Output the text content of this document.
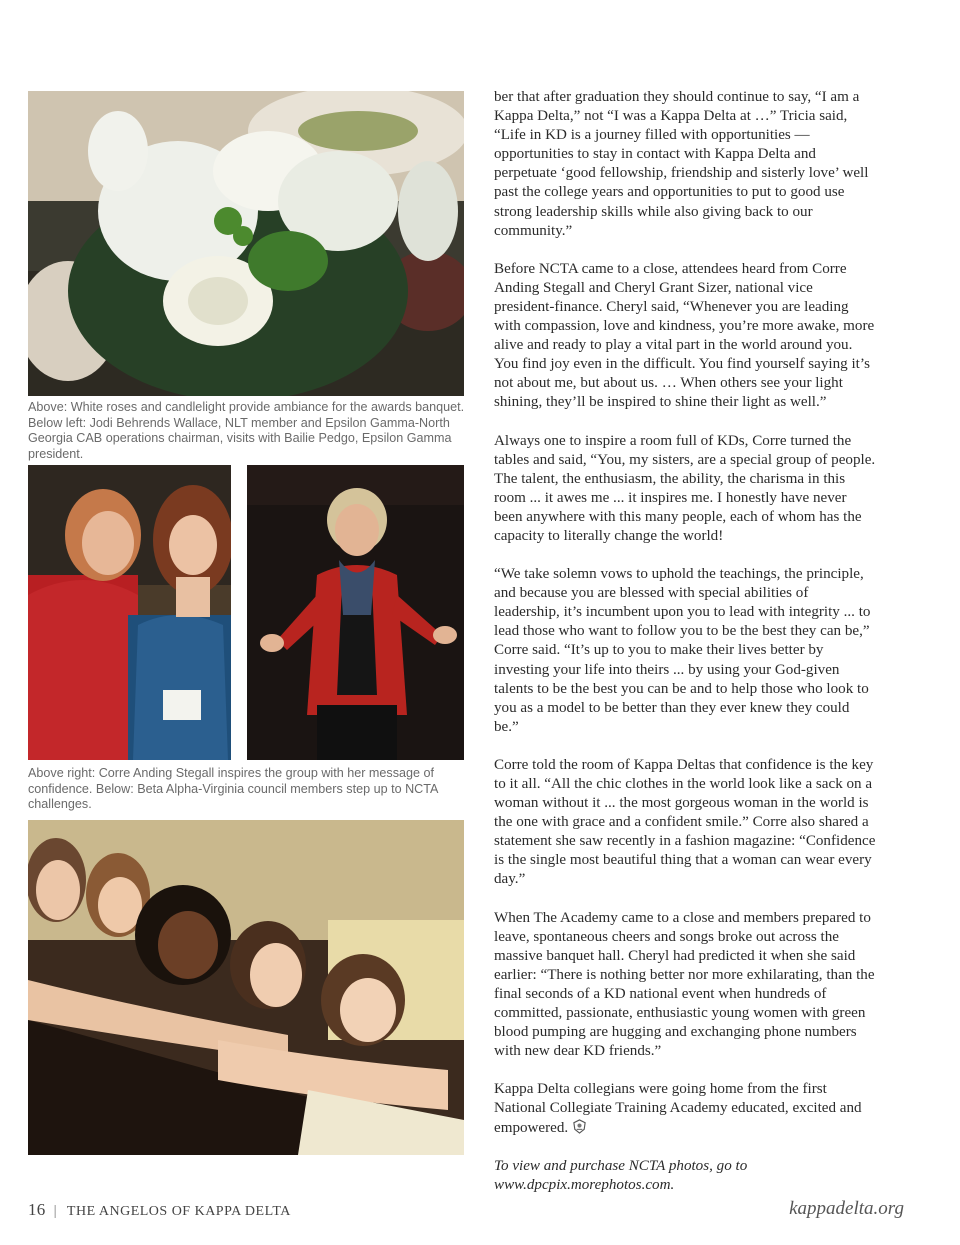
Above: White roses and candlelight provide ambiance for the awards banquet. Below left: Jodi Behrends Wallace, NLT member and Epsilon Gamma-North Georgia CAB operations chairman, visits with Bailie Pedgo, Epsilon Gamma president.

Above right: Corre Anding Stegall inspires the group with her message of confidence. Below: Beta Alpha-Virginia council members step up to NCTA challenges.

ber that after graduation they should continue to say, “I am a Kappa Delta,” not “I was a Kappa Delta at …” Tricia said, “Life in KD is a journey filled with opportunities — opportunities to stay in contact with Kappa Delta and perpetuate ‘good fellowship, friendship and sisterly love’ well past the college years and opportunities to put to good use strong leadership skills while also giving back to our community.”

Before NCTA came to a close, attendees heard from Corre Anding Stegall and Cheryl Grant Sizer, national vice president-finance. Cheryl said, “Whenever you are leading with compassion, love and kindness, you’re more awake, more alive and ready to play a vital part in the world around you. You find joy even in the difficult. You find yourself saying it’s not about me, but about us. … When others see your light shining, they’ll be inspired to shine their light as well.”

Always one to inspire a room full of KDs, Corre turned the tables and said, “You, my sisters, are a special group of people. The talent, the enthusiasm, the ability, the charisma in this room ... it awes me ... it inspires me. I honestly have never been anywhere with this many people, each of whom has the capacity to literally change the world!

“We take solemn vows to uphold the teachings, the principle, and because you are blessed with special abilities of leadership, it’s incumbent upon you to lead with integrity ... to lead those who want to follow you to be the best they can be,” Corre said. “It’s up to you to make their lives better by investing your life into theirs ... by using your God-given talents to be the best you can be and to help those who look to you as a model to be better than they ever knew they could be.”

Corre told the room of Kappa Deltas that confidence is the key to it all. “All the chic clothes in the world look like a sack on a woman without it ... the most gorgeous woman in the world is the one with grace and a confident smile.” Corre also shared a statement she saw recently in a fashion magazine: “Confidence is the single most beautiful thing that a woman can wear every day.”

When The Academy came to a close and members prepared to leave, spontaneous cheers and songs broke out across the massive banquet hall. Cheryl had predicted it when she said earlier: “There is nothing better nor more exhilarating, than the final seconds of a KD national event when hundreds of committed, passionate, enthusiastic young women with green blood pumping are hugging and exchanging phone numbers with new dear KD friends.”

Kappa Delta collegians were going home from the first National Collegiate Training Academy educated, excited and empowered.

To view and purchase NCTA photos, go to
www.dpcpix.morephotos.com.

16 | THE ANGELOS OF KAPPA DELTA	kappadelta.org
